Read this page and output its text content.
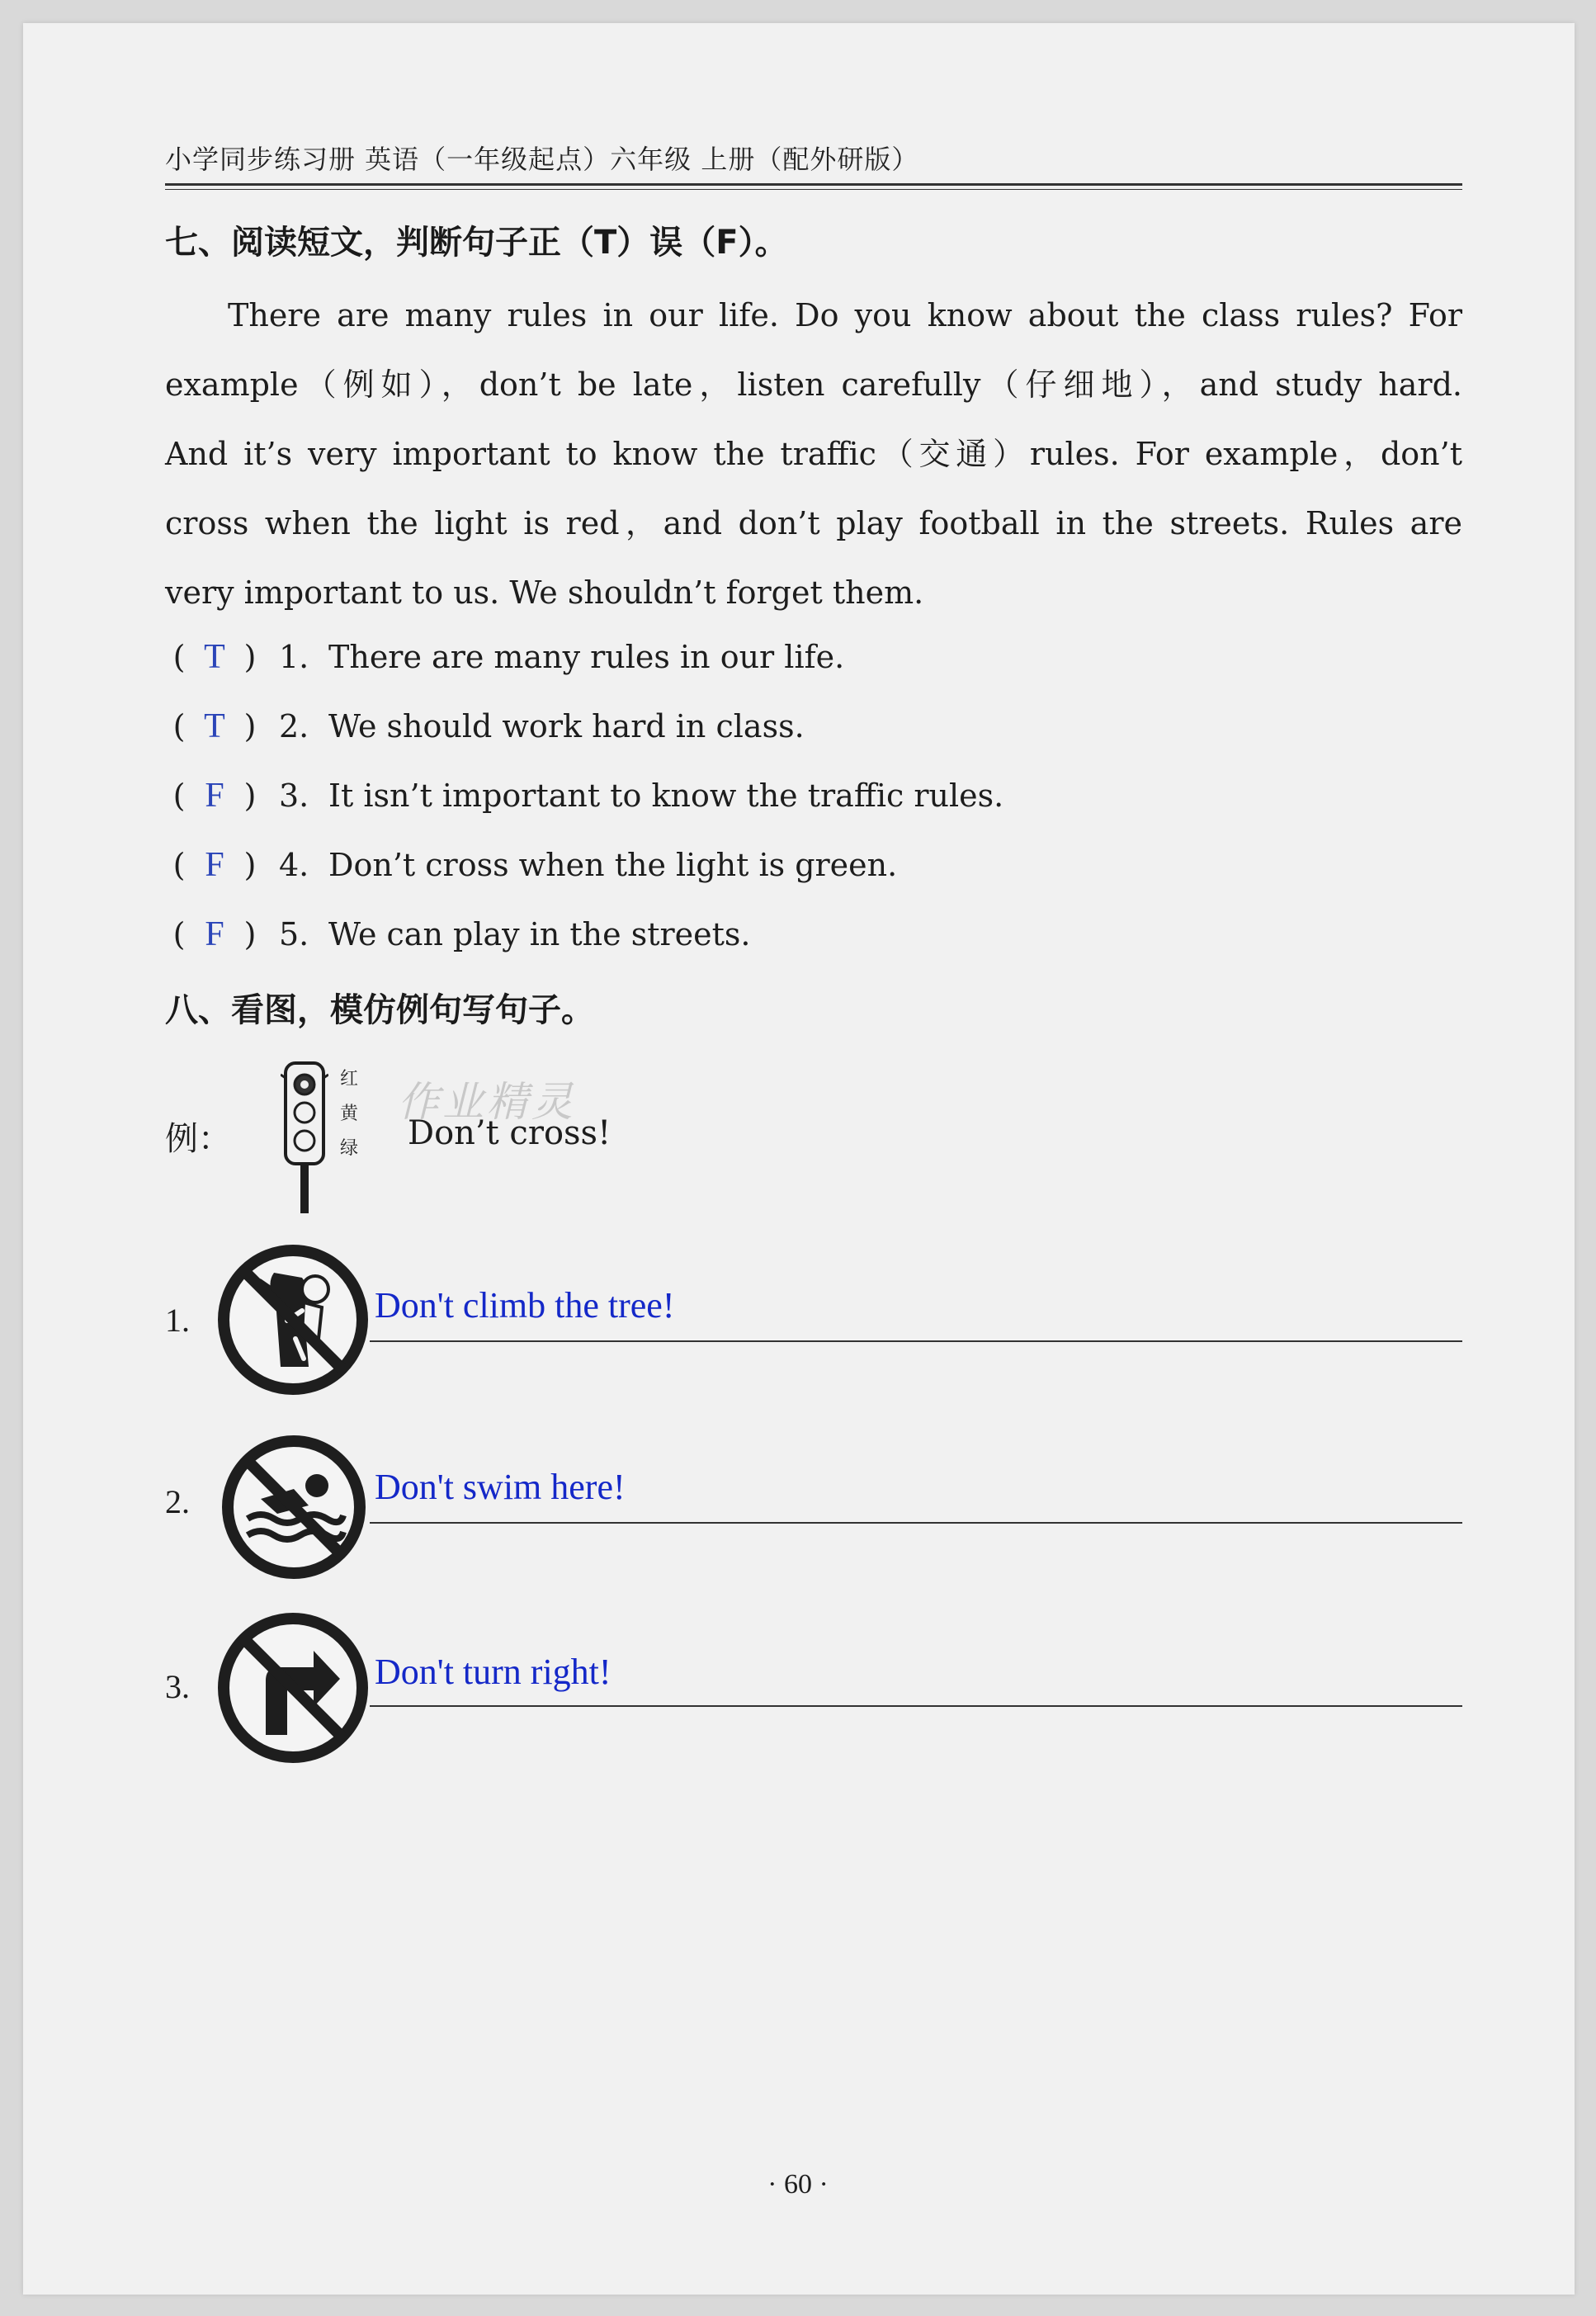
小学同步练习册 英语（一年级起点）六年级 上册（配外研版）
七、阅读短文，判断句子正（T）误（F）。
There are many rules in our life. Do you know about the class rules? For
example（例如），don’t be late，listen carefully（仔细地），and study hard.
And it’s very important to know the traffic（交通）rules. For example，don’t
cross when the light is red，and don’t play football in the streets. Rules are
very important to us. We shouldn’t forget them.
( T ) 1. There are many rules in our life.
( T ) 2. We should work hard in class.
( F ) 3. It isn’t important to know the traffic rules.
( F ) 4. Don’t cross when the light is green.
( F ) 5. We can play in the streets.
八、看图，模仿例句写句子。
例：
红
黄
绿 Don’t cross!
作业精灵
1.	Don't climb the tree!
2.	Don't swim here!
3.	Don't turn right!
· 60 ·
